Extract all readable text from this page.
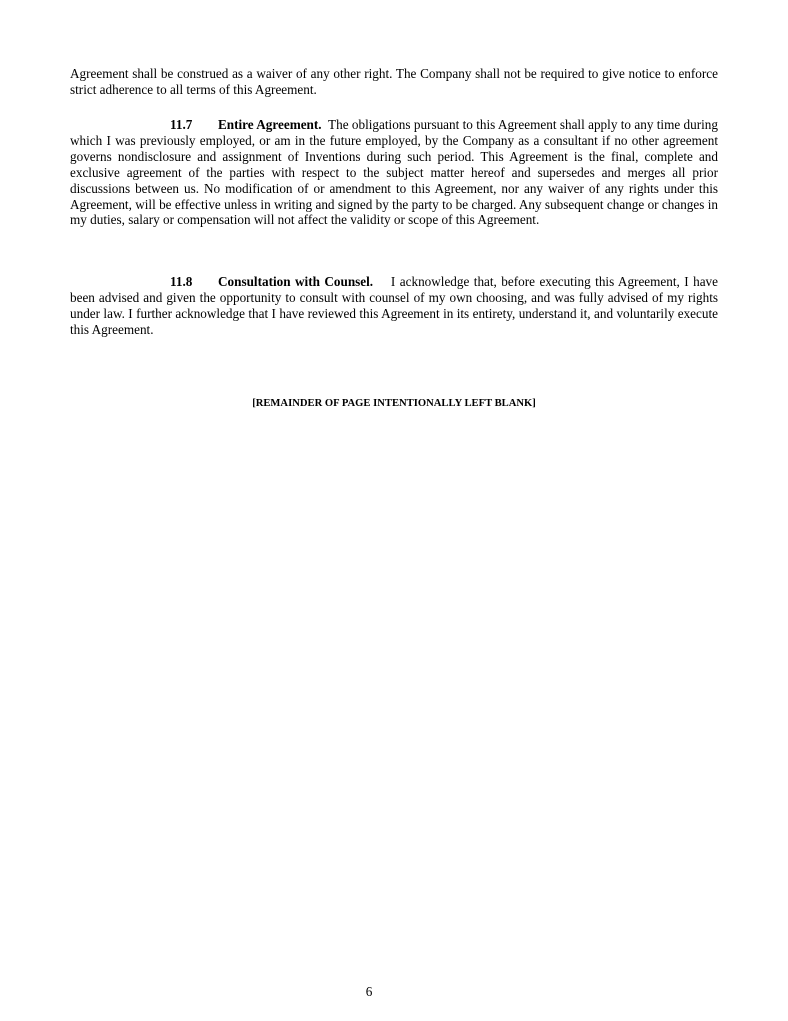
Agreement shall be construed as a waiver of any other right. The Company shall not be required to give notice to enforce strict adherence to all terms of this Agreement.

11.7 Entire Agreement. The obligations pursuant to this Agreement shall apply to any time during which I was previously employed, or am in the future employed, by the Company as a consultant if no other agreement governs nondisclosure and assignment of Inventions during such period. This Agreement is the final, complete and exclusive agreement of the parties with respect to the subject matter hereof and supersedes and merges all prior discussions between us. No modification of or amendment to this Agreement, nor any waiver of any rights under this Agreement, will be effective unless in writing and signed by the party to be charged. Any subsequent change or changes in my duties, salary or compensation will not affect the validity or scope of this Agreement.

11.8 Consultation with Counsel. I acknowledge that, before executing this Agreement, I have been advised and given the opportunity to consult with counsel of my own choosing, and was fully advised of my rights under law. I further acknowledge that I have reviewed this Agreement in its entirety, understand it, and voluntarily execute this Agreement.

[REMAINDER OF PAGE INTENTIONALLY LEFT BLANK]
6
